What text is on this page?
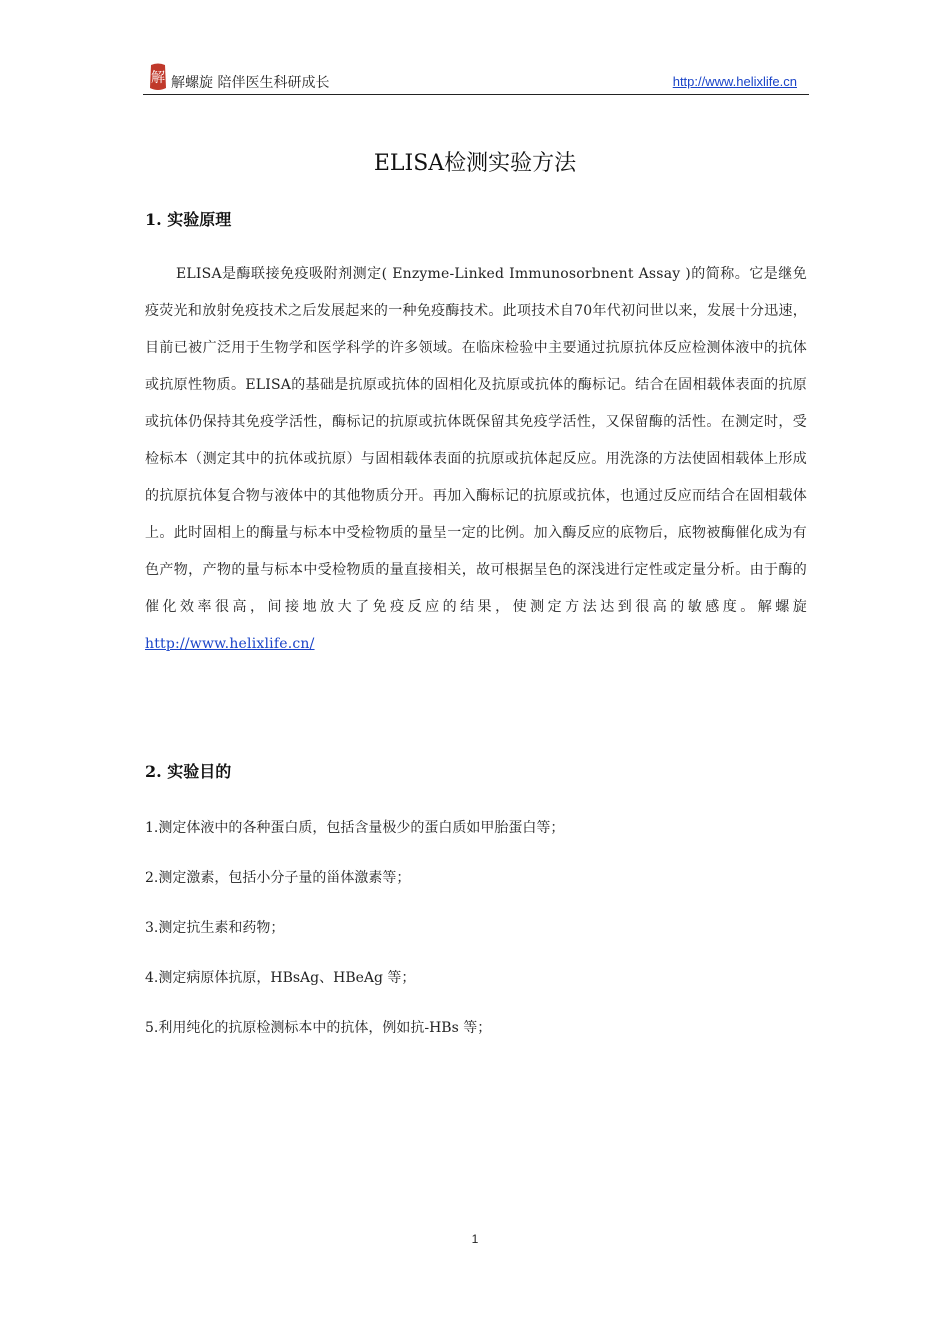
解 解螺旋 陪伴医生科研成长	http://www.helixlife.cn
ELISA检测实验方法
1. 实验原理

ELISA是酶联接免疫吸附剂测定( Enzyme-Linked Immunosorbnent Assay )的简称。它是继免疫荧光和放射免疫技术之后发展起来的一种免疫酶技术。此项技术自70年代初问世以来，发展十分迅速，目前已被广泛用于生物学和医学科学的许多领域。在临床检验中主要通过抗原抗体反应检测体液中的抗体或抗原性物质。ELISA的基础是抗原或抗体的固相化及抗原或抗体的酶标记。结合在固相载体表面的抗原或抗体仍保持其免疫学活性，酶标记的抗原或抗体既保留其免疫学活性，又保留酶的活性。在测定时，受检标本（测定其中的抗体或抗原）与固相载体表面的抗原或抗体起反应。用洗涤的方法使固相载体上形成的抗原抗体复合物与液体中的其他物质分开。再加入酶标记的抗原或抗体，也通过反应而结合在固相载体上。此时固相上的酶量与标本中受检物质的量呈一定的比例。加入酶反应的底物后，底物被酶催化成为有色产物，产物的量与标本中受检物质的量直接相关，故可根据呈色的深浅进行定性或定量分析。由于酶的催化效率很高，间接地放大了免疫反应的结果，使测定方法达到很高的敏感度。解螺旋 http://www.helixlife.cn/

2. 实验目的
1.测定体液中的各种蛋白质，包括含量极少的蛋白质如甲胎蛋白等；
2.测定激素，包括小分子量的甾体激素等；
3.测定抗生素和药物；
4.测定病原体抗原，HBsAg、HBeAg 等；
5.利用纯化的抗原检测标本中的抗体，例如抗-HBs 等；
1
